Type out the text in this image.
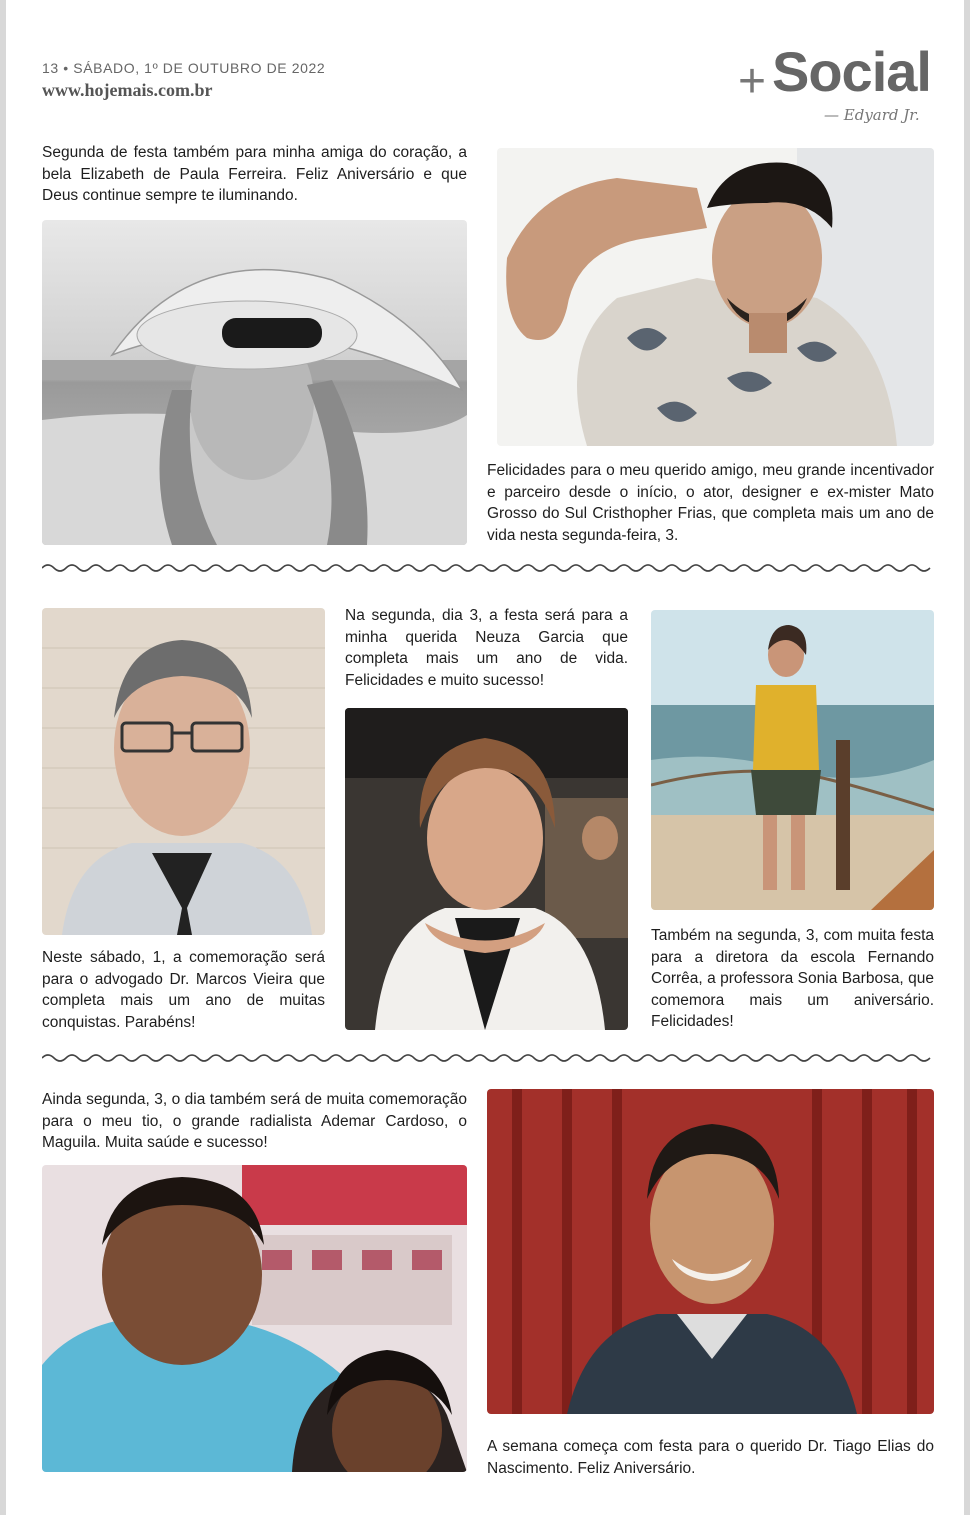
13 • SÁBADO, 1º DE OUTUBRO DE 2022
www.hojemais.com.br	+ Social
— Edyard Jr.
Segunda de festa também para minha amiga do coração, a bela Elizabeth de Paula Ferreira. Feliz Aniversário e que Deus continue sempre te iluminando.
Felicidades para o meu querido amigo, meu grande incentivador e parceiro desde o início, o ator, designer e ex-mister Mato Grosso do Sul Cristhopher Frias, que completa mais um ano de vida nesta segunda-feira, 3.
Na segunda, dia 3, a festa será para a minha querida Neuza Garcia que completa mais um ano de vida. Felicidades e muito sucesso!
Neste sábado, 1, a comemoração será para o advogado Dr. Marcos Vieira que completa mais um ano de muitas conquistas. Parabéns!
Também na segunda, 3, com muita festa para a diretora da escola Fernando Corrêa, a professora Sonia Barbosa, que comemora mais um aniversário. Felicidades!
Ainda segunda, 3, o dia também será de muita comemoração para o meu tio, o grande radialista Ademar Cardoso, o Maguila. Muita saúde e sucesso!
A semana começa com festa para o querido Dr. Tiago Elias do Nascimento. Feliz Aniversário.
